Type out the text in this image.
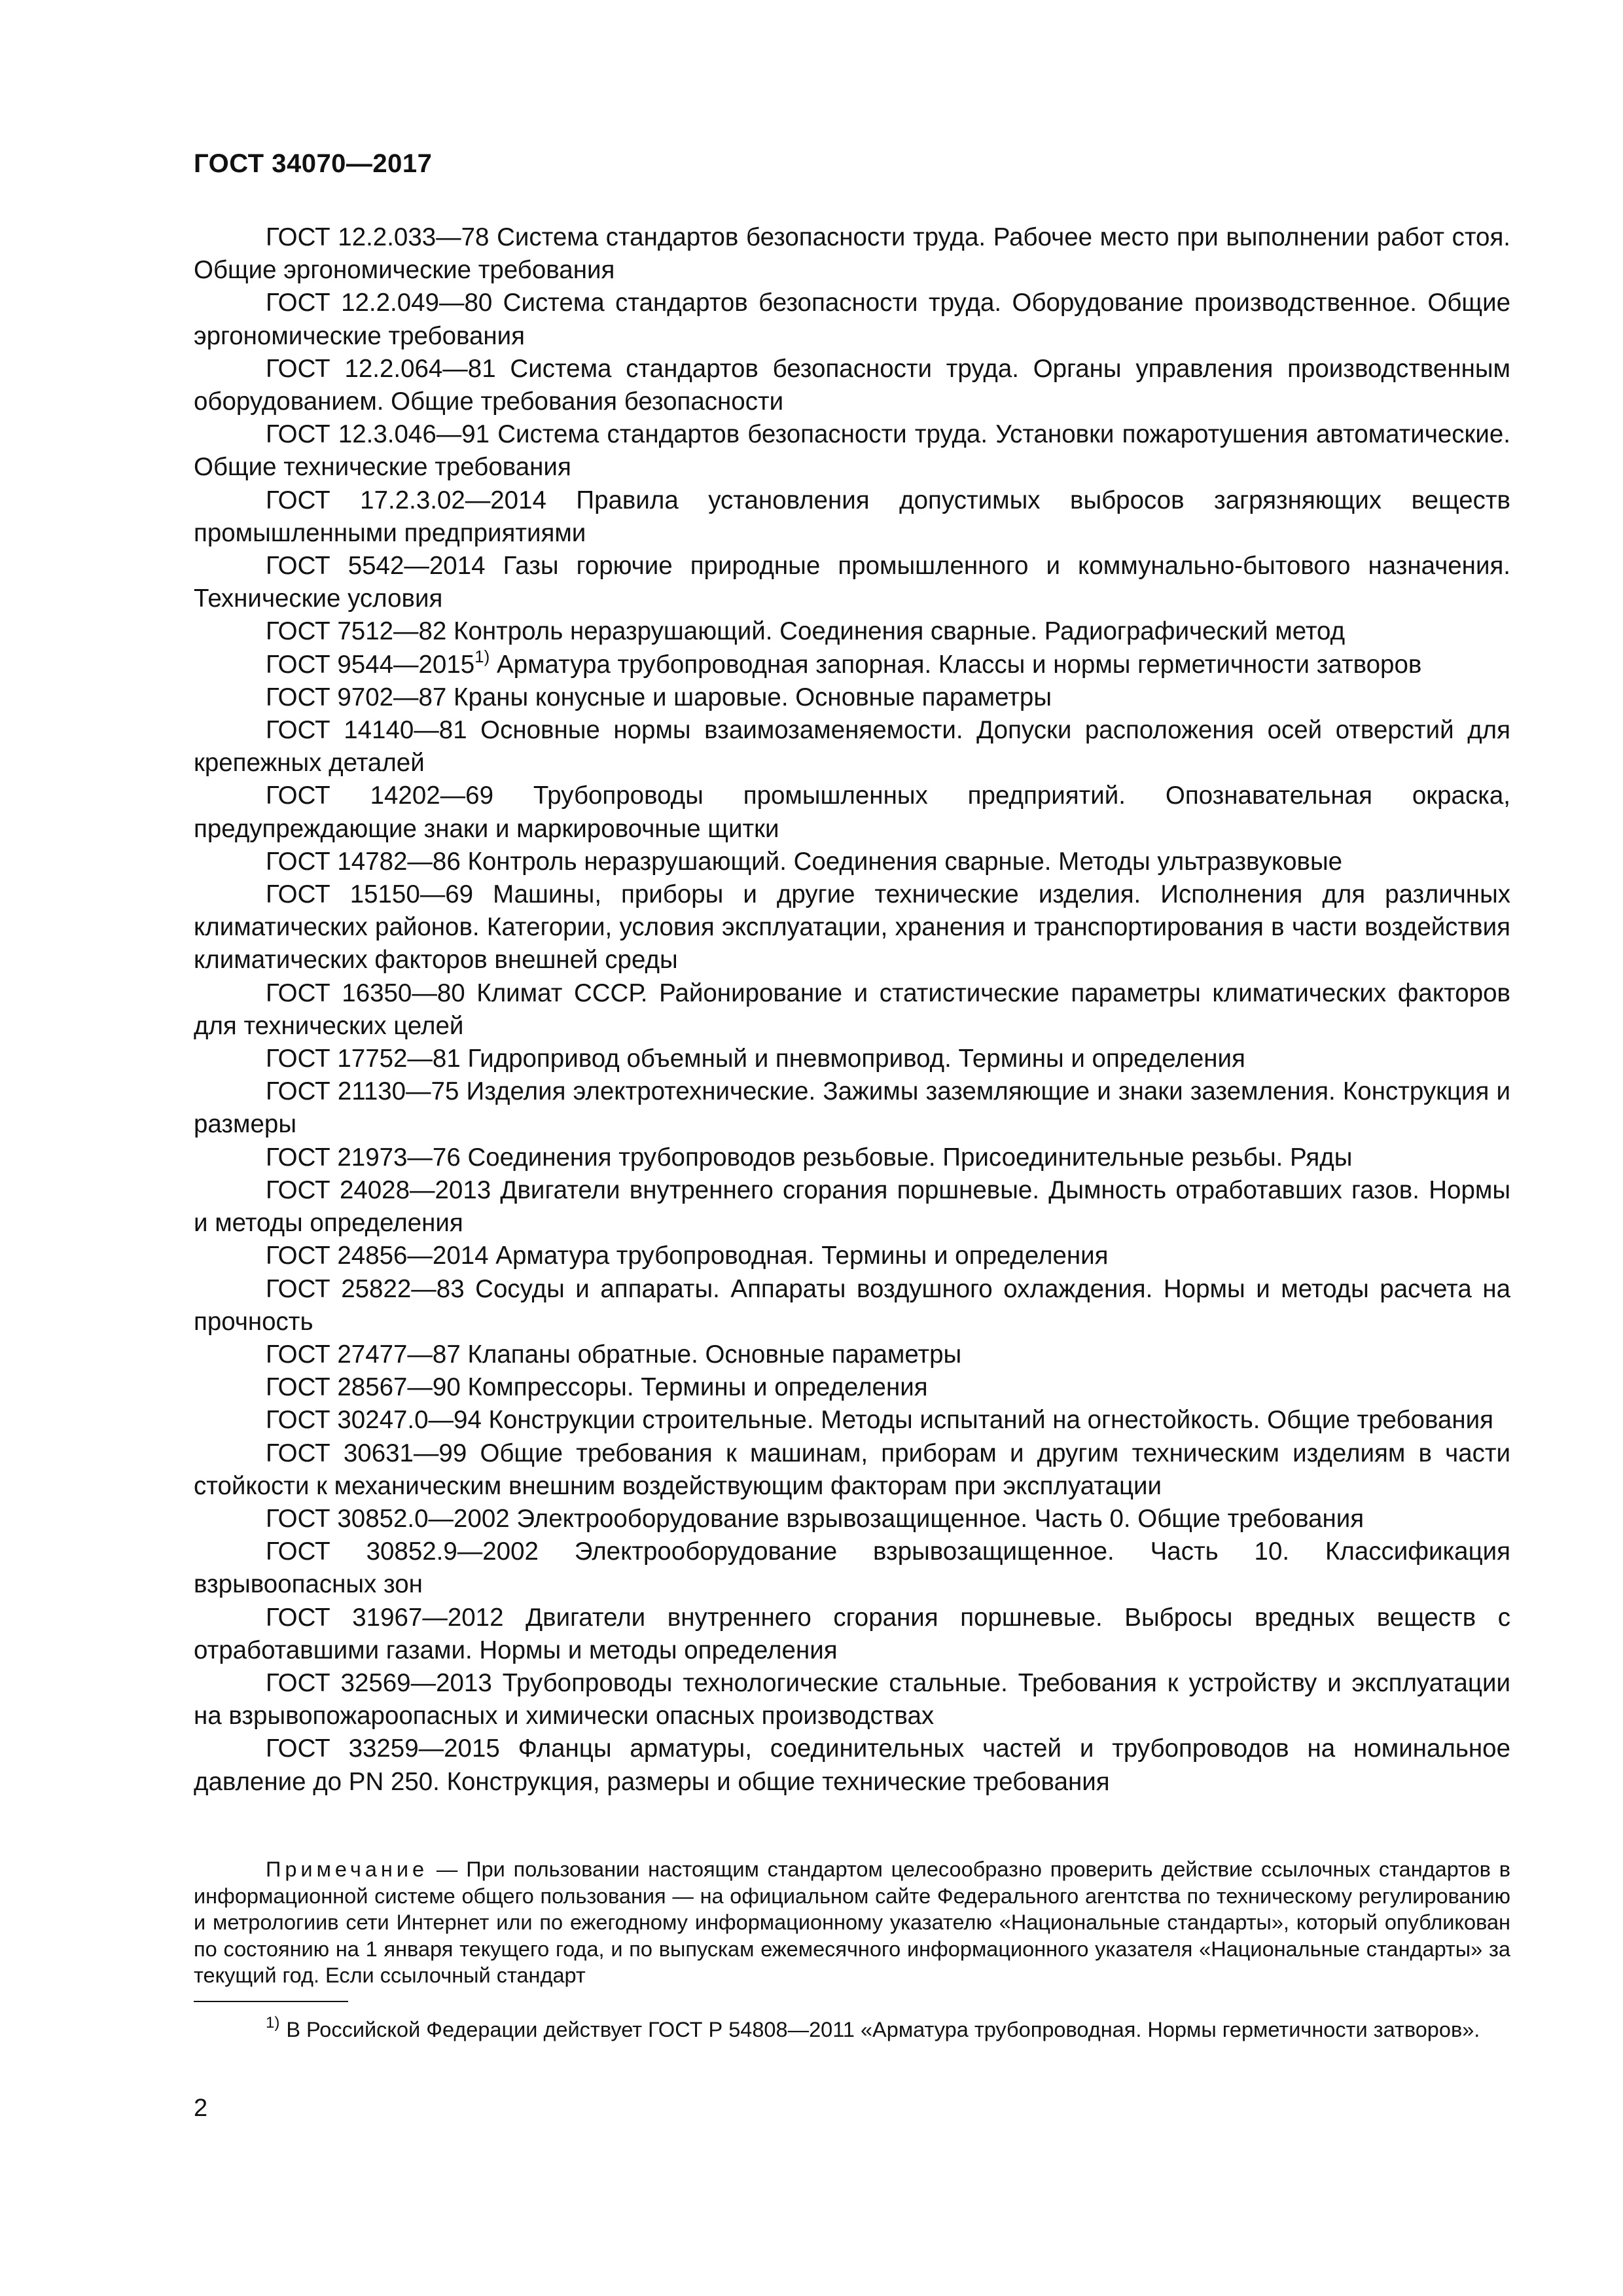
ГОСТ 34070—2017

ГОСТ 12.2.033—78 Система стандартов безопасности труда. Рабочее место при выполнении работ стоя. Общие эргономические требования

ГОСТ 12.2.049—80 Система стандартов безопасности труда. Оборудование производственное. Общие эргономические требования

ГОСТ 12.2.064—81 Система стандартов безопасности труда. Органы управления производственным оборудованием. Общие требования безопасности

ГОСТ 12.3.046—91 Система стандартов безопасности труда. Установки пожаротушения автоматические. Общие технические требования

ГОСТ 17.2.3.02—2014 Правила установления допустимых выбросов загрязняющих веществ промышленными предприятиями

ГОСТ 5542—2014 Газы горючие природные промышленного и коммунально-бытового назначения. Технические условия

ГОСТ 7512—82 Контроль неразрушающий. Соединения сварные. Радиографический метод

ГОСТ 9544—2015$^{1)}$ Арматура трубопроводная запорная. Классы и нормы герметичности затворов

ГОСТ 9702—87 Краны конусные и шаровые. Основные параметры

ГОСТ 14140—81 Основные нормы взаимозаменяемости. Допуски расположения осей отверстий для крепежных деталей

ГОСТ 14202—69 Трубопроводы промышленных предприятий. Опознавательная окраска, предупреждающие знаки и маркировочные щитки

ГОСТ 14782—86 Контроль неразрушающий. Соединения сварные. Методы ультразвуковые

ГОСТ 15150—69 Машины, приборы и другие технические изделия. Исполнения для различных климатических районов. Категории, условия эксплуатации, хранения и транспортирования в части воздействия климатических факторов внешней среды

ГОСТ 16350—80 Климат СССР. Районирование и статистические параметры климатических факторов для технических целей

ГОСТ 17752—81 Гидропривод объемный и пневмопривод. Термины и определения

ГОСТ 21130—75 Изделия электротехнические. Зажимы заземляющие и знаки заземления. Конструкция и размеры

ГОСТ 21973—76 Соединения трубопроводов резьбовые. Присоединительные резьбы. Ряды

ГОСТ 24028—2013 Двигатели внутреннего сгорания поршневые. Дымность отработавших газов. Нормы и методы определения

ГОСТ 24856—2014 Арматура трубопроводная. Термины и определения

ГОСТ 25822—83 Сосуды и аппараты. Аппараты воздушного охлаждения. Нормы и методы расчета на прочность

ГОСТ 27477—87 Клапаны обратные. Основные параметры

ГОСТ 28567—90 Компрессоры. Термины и определения

ГОСТ 30247.0—94 Конструкции строительные. Методы испытаний на огнестойкость. Общие требования

ГОСТ 30631—99 Общие требования к машинам, приборам и другим техническим изделиям в части стойкости к механическим внешним воздействующим факторам при эксплуатации

ГОСТ 30852.0—2002 Электрооборудование взрывозащищенное. Часть 0. Общие требования

ГОСТ 30852.9—2002 Электрооборудование взрывозащищенное. Часть 10. Классификация взрывоопасных зон

ГОСТ 31967—2012 Двигатели внутреннего сгорания поршневые. Выбросы вредных веществ с отработавшими газами. Нормы и методы определения

ГОСТ 32569—2013 Трубопроводы технологические стальные. Требования к устройству и эксплуатации на взрывопожароопасных и химически опасных производствах

ГОСТ 33259—2015 Фланцы арматуры, соединительных частей и трубопроводов на номинальное давление до PN 250. Конструкция, размеры и общие технические требования

Примечание — При пользовании настоящим стандартом целесообразно проверить действие ссылочных стандартов в информационной системе общего пользования — на официальном сайте Федерального агентства по техническому регулированию и метрологиив сети Интернет или по ежегодному информационному указателю «Национальные стандарты», который опубликован по состоянию на 1 января текущего года, и по выпускам ежемесячного информационного указателя «Национальные стандарты» за текущий год. Если ссылочный стандарт

$^{1)}$ В Российской Федерации действует ГОСТ Р 54808—2011 «Арматура трубопроводная. Нормы герметичности затворов».

2
